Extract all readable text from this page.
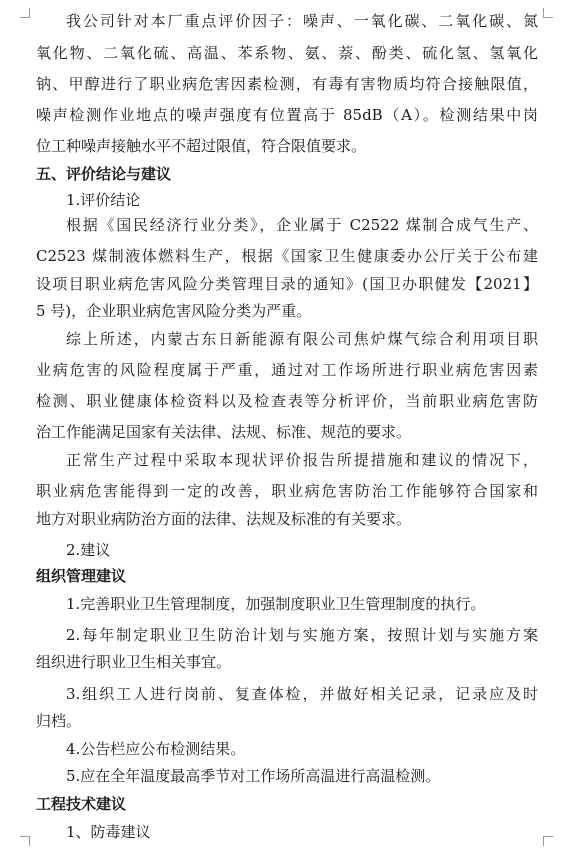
我公司针对本厂重点评价因子：噪声、一氧化碳、二氧化碳、氮
氧化物、二氧化硫、高温、苯系物、氨、萘、酚类、硫化氢、氢氧化
钠、甲醇进行了职业病危害因素检测，有毒有害物质均符合接触限值，
噪声检测作业地点的噪声强度有位置高于 85dB（A）。检测结果中岗
位工种噪声接触水平不超过限值，符合限值要求。
五、评价结论与建议
1.评价结论
根据《国民经济行业分类》，企业属于 C2522 煤制合成气生产、
C2523 煤制液体燃料生产，根据《国家卫生健康委办公厅关于公布建
设项目职业病危害风险分类管理目录的通知》(国卫办职健发【2021】
5 号)，企业职业病危害风险分类为严重。
综上所述，内蒙古东日新能源有限公司焦炉煤气综合利用项目职
业病危害的风险程度属于严重，通过对工作场所进行职业病危害因素
检测、职业健康体检资料以及检查表等分析评价，当前职业病危害防
治工作能满足国家有关法律、法规、标准、规范的要求。
正常生产过程中采取本现状评价报告所提措施和建议的情况下，
职业病危害能得到一定的改善，职业病危害防治工作能够符合国家和
地方对职业病防治方面的法律、法规及标准的有关要求。
2.建议
组织管理建议
1.完善职业卫生管理制度，加强制度职业卫生管理制度的执行。
2.每年制定职业卫生防治计划与实施方案，按照计划与实施方案
组织进行职业卫生相关事宜。
3.组织工人进行岗前、复查体检，并做好相关记录，记录应及时
归档。
4.公告栏应公布检测结果。
5.应在全年温度最高季节对工作场所高温进行高温检测。
工程技术建议
1、防毒建议
